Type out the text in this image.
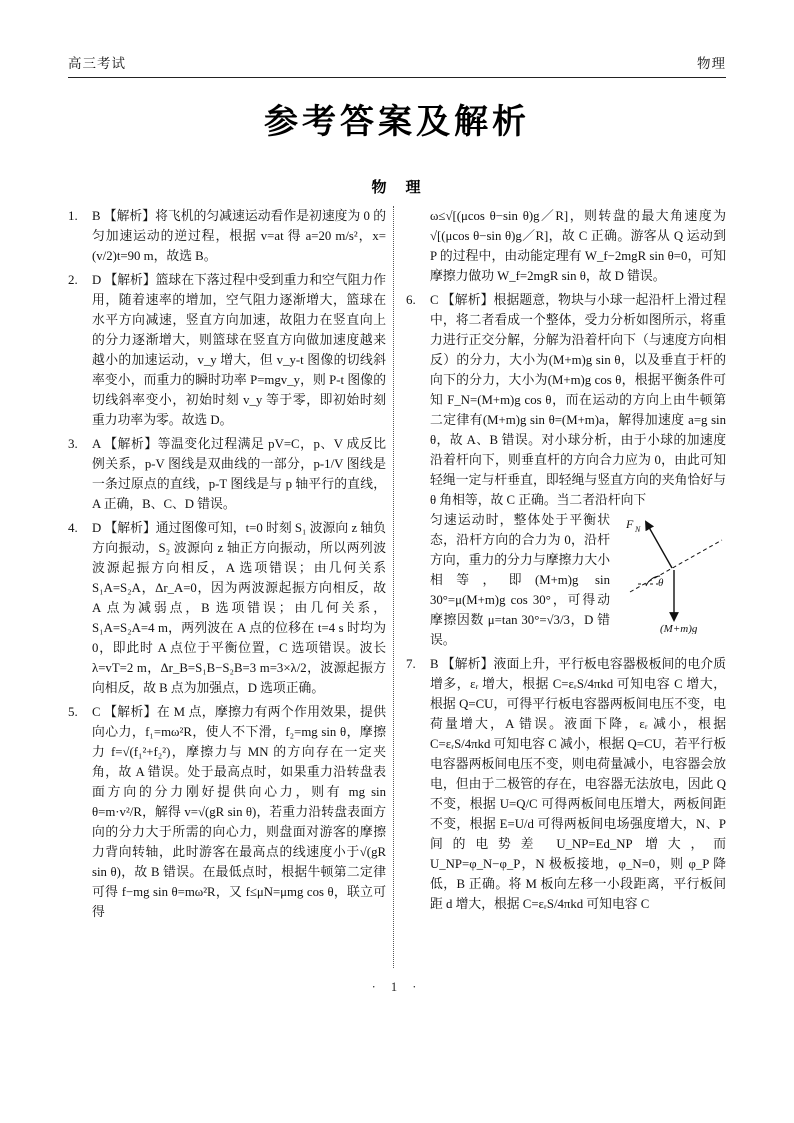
高三考试	物理
参考答案及解析
物　理
1.	B 【解析】将飞机的匀减速运动看作是初速度为 0 的匀加速运动的逆过程，根据 v=at 得 a=20 m/s²，x=(v/2)t=90 m，故选 B。
2.	D 【解析】篮球在下落过程中受到重力和空气阻力作用，随着速率的增加，空气阻力逐渐增大，篮球在水平方向减速，竖直方向加速，故阻力在竖直向上的分力逐渐增大，则篮球在竖直方向做加速度越来越小的加速运动，v_y 增大，但 v_y-t 图像的切线斜率变小，而重力的瞬时功率 P=mgv_y，则 P-t 图像的切线斜率变小，初始时刻 v_y 等于零，即初始时刻重力功率为零。故选 D。
3.	A 【解析】等温变化过程满足 pV=C，p、V 成反比例关系，p-V 图线是双曲线的一部分，p-1/V 图线是一条过原点的直线，p-T 图线是与 p 轴平行的直线，A 正确，B、C、D 错误。
4.	D 【解析】通过图像可知，t=0 时刻 S₁ 波源向 z 轴负方向振动，S₂ 波源向 z 轴正方向振动，所以两列波波源起振方向相反，A 选项错误；由几何关系 S₁A=S₂A，Δr_A=0，因为两波源起振方向相反，故 A 点为减弱点，B 选项错误；由几何关系，S₁A=S₂A=4 m，两列波在 A 点的位移在 t=4 s 时均为 0，即此时 A 点位于平衡位置，C 选项错误。波长 λ=vT=2 m，Δr_B=S₁B−S₂B=3 m=3×λ/2，波源起振方向相反，故 B 点为加强点，D 选项正确。
5.	C 【解析】在 M 点，摩擦力有两个作用效果，提供向心力，f₁=mω²R，使人不下滑，f₂=mg sin θ，摩擦力 f=√(f₁²+f₂²)，摩擦力与 MN 的方向存在一定夹角，故 A 错误。处于最高点时，如果重力沿转盘表面方向的分力刚好提供向心力，则有 mg sin θ=m·v²/R，解得 v=√(gR sin θ)，若重力沿转盘表面方向的分力大于所需的向心力，则盘面对游客的摩擦力背向转轴，此时游客在最高点的线速度小于√(gR sin θ)，故 B 错误。在最低点时，根据牛顿第二定律可得 f−mg sin θ=mω²R，又 f≤μN=μmg cos θ，联立可得
ω≤√[(μcos θ−sin θ)g／R]，则转盘的最大角速度为√[(μcos θ−sin θ)g／R]，故 C 正确。游客从 Q 运动到 P 的过程中，由动能定理有 W_f−2mgR sin θ=0，可知摩擦力做功 W_f=2mgR sin θ，故 D 错误。
6.	C 【解析】根据题意，物块与小球一起沿杆上滑过程中，将二者看成一个整体，受力分析如图所示，将重力进行正交分解，分解为沿着杆向下（与速度方向相反）的分力，大小为(M+m)g sin θ，以及垂直于杆的向下的分力，大小为(M+m)g cos θ，根据平衡条件可知 F_N=(M+m)g cos θ，而在运动的方向上由牛顿第二定律有(M+m)g sin θ=(M+m)a，解得加速度 a=g sin θ，故 A、B 错误。对小球分析，由于小球的加速度沿着杆向下，则垂直杆的方向合力应为 0，由此可知轻绳一定与杆垂直，即轻绳与竖直方向的夹角恰好与 θ 角相等，故 C 正确。当二者沿杆向下
匀速运动时，整体处于平衡状态，沿杆方向的合力为 0，沿杆方向，重力的分力与摩擦力大小相等，即(M+m)g sin 30°=μ(M+m)g cos 30°，可得动摩擦因数 μ=tan 30°=√3/3，D 错误。
F N
θ
(M+m)g
7.	B 【解析】液面上升，平行板电容器极板间的电介质增多，εᵣ 增大，根据 C=εᵣS/4πkd 可知电容 C 增大，根据 Q=CU，可得平行板电容器两板间电压不变，电荷量增大，A 错误。液面下降，εᵣ 减小，根据 C=εᵣS/4πkd 可知电容 C 减小，根据 Q=CU，若平行板电容器两板间电压不变，则电荷量减小，电容器会放电，但由于二极管的存在，电容器无法放电，因此 Q 不变，根据 U=Q/C 可得两板间电压增大，两板间距不变，根据 E=U/d 可得两板间电场强度增大，N、P 间的电势差 U_NP=Ed_NP 增大，而 U_NP=φ_N−φ_P，N 极板接地，φ_N=0，则 φ_P 降低，B 正确。将 M 板向左移一小段距离，平行板间距 d 增大，根据 C=εᵣS/4πkd 可知电容 C
· 1 ·
